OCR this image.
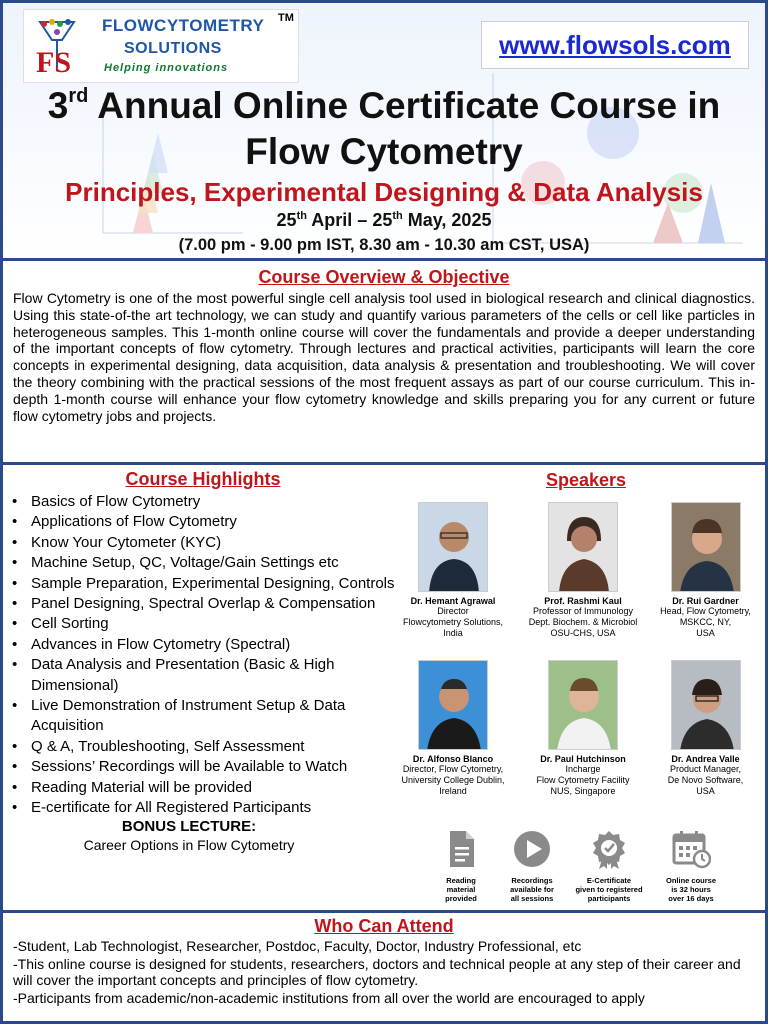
FS
FLOWCYTOMETRY TM
SOLUTIONS
Helping innovations
www.flowsols.com
3rd Annual Online Certificate Course in
Flow Cytometry
Principles, Experimental Designing & Data Analysis
25th April – 25th May, 2025
(7.00 pm - 9.00 pm IST, 8.30 am - 10.30 am CST, USA)
Course Overview & Objective

Flow Cytometry is one of the most powerful single cell analysis tool used in biological research and clinical diagnostics. Using this state-of-the art technology, we can study and quantify various parameters of the cells or cell like particles in heterogeneous samples. This 1-month online course will cover the fundamentals and provide a deeper understanding of the important concepts of flow cytometry. Through lectures and practical activities, participants will learn the core concepts in experimental designing, data acquisition, data analysis & presentation and troubleshooting. We will cover the theory combining with the practical sessions of the most frequent assays as part of our course curriculum. This in-depth 1-month course will enhance your flow cytometry knowledge and skills preparing you for any current or future flow cytometry jobs and projects.

Course Highlights
• Basics of Flow Cytometry
• Applications of Flow Cytometry
• Know Your Cytometer (KYC)
• Machine Setup, QC, Voltage/Gain Settings etc
• Sample Preparation, Experimental Designing, Controls
• Panel Designing, Spectral Overlap & Compensation
• Cell Sorting
• Advances in Flow Cytometry (Spectral)
• Data Analysis and Presentation (Basic & High Dimensional)
• Live Demonstration of Instrument Setup & Data Acquisition
• Q & A, Troubleshooting, Self Assessment
• Sessions’ Recordings will be Available to Watch
• Reading Material will be provided
• E-certificate for All Registered Participants
BONUS LECTURE:
Career Options in Flow Cytometry
Speakers
Dr. Hemant Agrawal
Director
Flowcytometry Solutions,
India
Prof. Rashmi Kaul
Professor of Immunology
Dept. Biochem. & Microbiol
OSU-CHS, USA
Dr. Rui Gardner
Head, Flow Cytometry,
MSKCC, NY,
USA
Dr. Alfonso Blanco
Director, Flow Cytometry,
University College Dublin,
Ireland
Dr. Paul Hutchinson
Incharge
Flow Cytometry Facility
NUS, Singapore
Dr. Andrea Valle
Product Manager,
De Novo Software,
USA
Reading
material
provided
Recordings
available for
all sessions
E-Certificate
given to registered
participants
Online course
is 32 hours
over 16 days
Who Can Attend

-Student, Lab Technologist, Researcher, Postdoc, Faculty, Doctor, Industry Professional, etc

-This online course is designed for students, researchers, doctors and technical people at any step of their career and will cover the important concepts and principles of flow cytometry.

-Participants from academic/non-academic institutions from all over the world are encouraged to apply
